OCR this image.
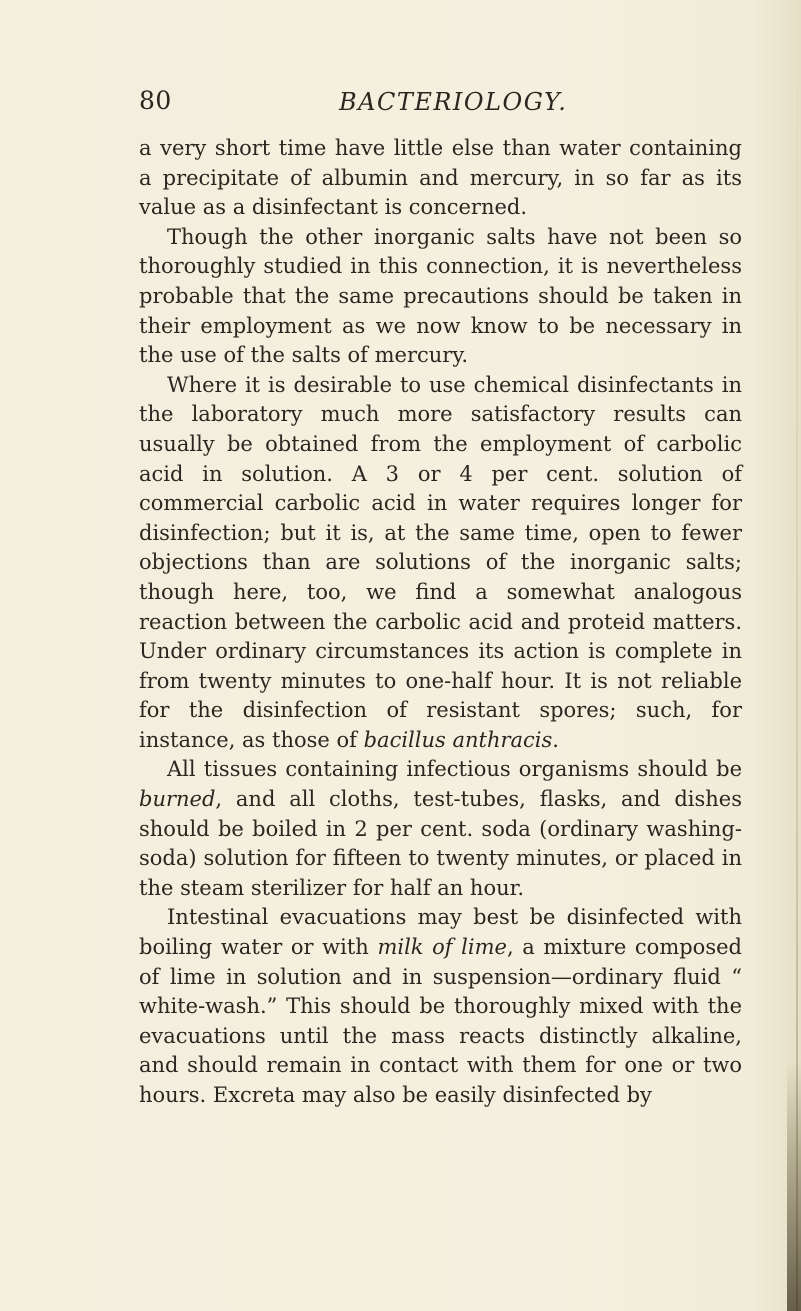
80	BACTERIOLOGY.

a very short time have little else than water containing a precipitate of albumin and mercury, in so far as its value as a disinfectant is concerned.

Though the other inorganic salts have not been so thoroughly studied in this connection, it is nevertheless probable that the same precautions should be taken in their employment as we now know to be necessary in the use of the salts of mercury.

Where it is desirable to use chemical disinfectants in the laboratory much more satisfactory results can usually be obtained from the employment of carbolic acid in solution. A 3 or 4 per cent. solution of commercial carbolic acid in water requires longer for disinfection; but it is, at the same time, open to fewer objections than are solutions of the inorganic salts; though here, too, we find a somewhat analogous reaction between the carbolic acid and proteid matters. Under ordinary circumstances its action is complete in from twenty minutes to one-half hour. It is not reliable for the disinfection of resistant spores; such, for instance, as those of bacillus anthracis.

All tissues containing infectious organisms should be burned, and all cloths, test-tubes, flasks, and dishes should be boiled in 2 per cent. soda (ordinary washing-soda) solution for fifteen to twenty minutes, or placed in the steam sterilizer for half an hour.

Intestinal evacuations may best be disinfected with boiling water or with milk of lime, a mixture composed of lime in solution and in suspension—ordinary fluid “ white-wash.” This should be thoroughly mixed with the evacuations until the mass reacts distinctly alkaline, and should remain in contact with them for one or two hours. Excreta may also be easily disinfected by
